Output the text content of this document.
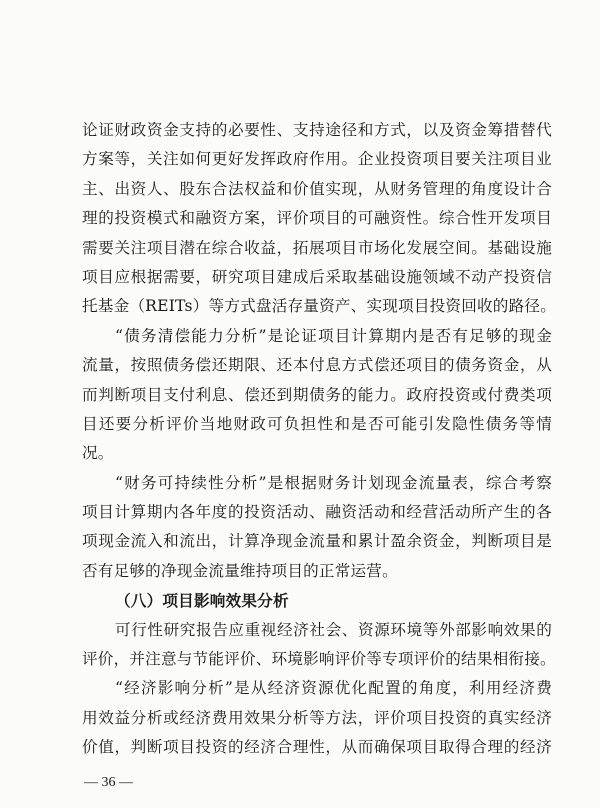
论证财政资金支持的必要性、支持途径和方式，以及资金筹措替代
方案等，关注如何更好发挥政府作用。企业投资项目要关注项目业
主、出资人、股东合法权益和价值实现，从财务管理的角度设计合
理的投资模式和融资方案，评价项目的可融资性。综合性开发项目
需要关注项目潜在综合收益，拓展项目市场化发展空间。基础设施
项目应根据需要，研究项目建成后采取基础设施领域不动产投资信
托基金（REITs）等方式盘活存量资产、实现项目投资回收的路径。
“债务清偿能力分析”是论证项目计算期内是否有足够的现金
流量，按照债务偿还期限、还本付息方式偿还项目的债务资金，从
而判断项目支付利息、偿还到期债务的能力。政府投资或付费类项
目还要分析评价当地财政可负担性和是否可能引发隐性债务等情
况。
“财务可持续性分析”是根据财务计划现金流量表，综合考察
项目计算期内各年度的投资活动、融资活动和经营活动所产生的各
项现金流入和流出，计算净现金流量和累计盈余资金，判断项目是
否有足够的净现金流量维持项目的正常运营。
（八）项目影响效果分析
可行性研究报告应重视经济社会、资源环境等外部影响效果的
评价，并注意与节能评价、环境影响评价等专项评价的结果相衔接。
“经济影响分析”是从经济资源优化配置的角度，利用经济费
用效益分析或经济费用效果分析等方法，评价项目投资的真实经济
价值，判断项目投资的经济合理性，从而确保项目取得合理的经济
— 36 —
